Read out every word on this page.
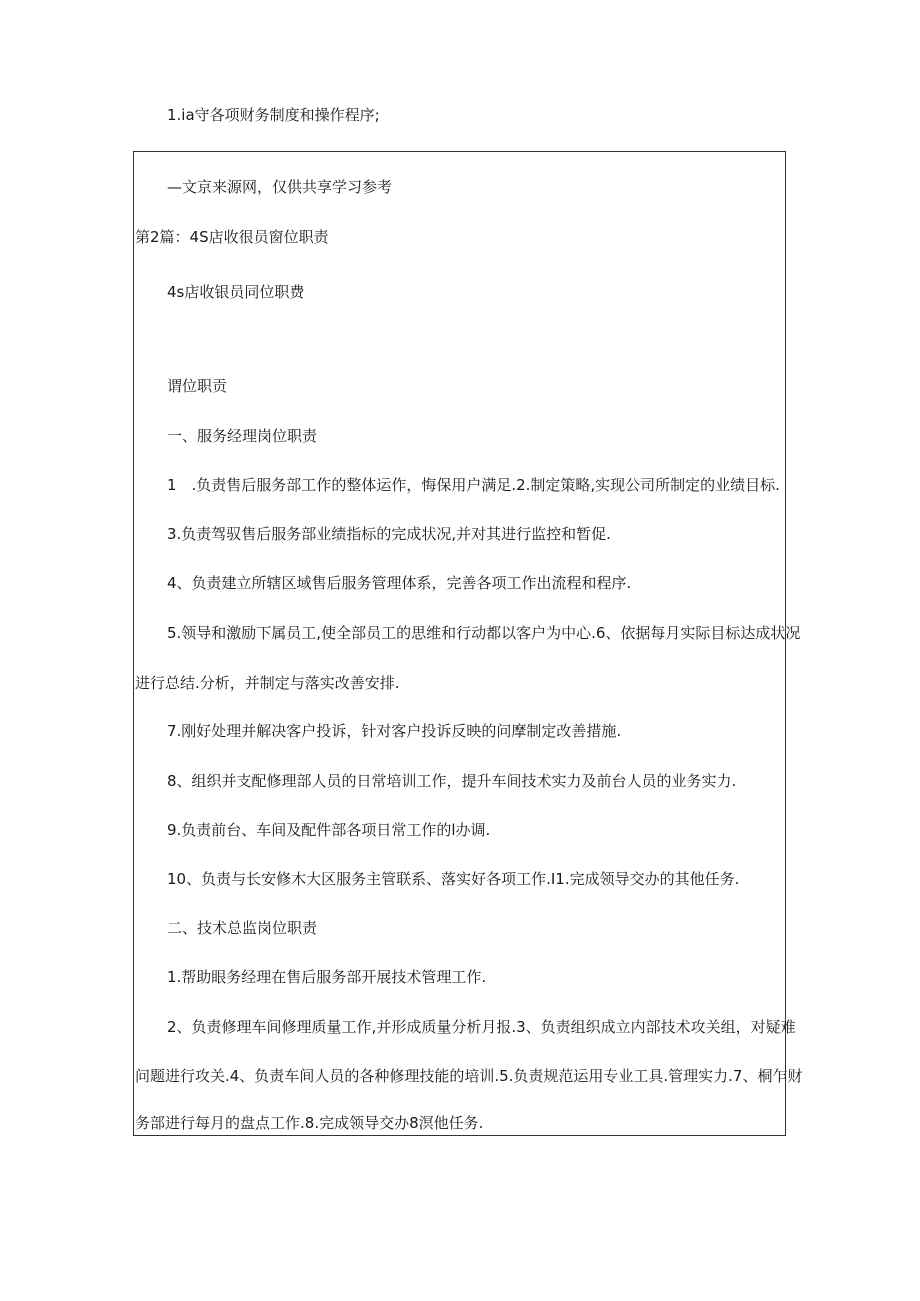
1.ia守各项财务制度和操作程序;
—文京来源网，仅供共享学习参考
第2篇：4S店收很员窗位职责
4s店收银员同位职费
谓位职贡
一、服务经理岗位职责
1　.负责售后服务部工作的整体运作，悔保用户满足.2.制定策略,实现公司所制定的业绩目标.
3.负责驾驭售后服务部业绩指标的完成状况,并对其进行监控和暂促.
4、负责建立所辖区域售后服务管理体系，完善各项工作出流程和程序.
5.领导和激励下属员工,使全部员工的思维和行动都以客户为中心.6、依据每月实际目标达成状况
进行总结.分析，并制定与落实改善安排.
7.刚好处理并解决客户投诉，针对客户投诉反映的问摩制定改善措施.
8、组织并支配修理部人员的日常培训工作，提升车间技术实力及前台人员的业务实力.
9.负责前台、车间及配件部各项日常工作的l办调.
10、负责与长安修木大区服务主管联系、落实好各项工作.I1.完成领导交办的其他任务.
二、技术总监岗位职责
1.帮助眼务经理在售后服务部开展技术管理工作.
2、负责修理车间修理质量工作,并形成质量分析月报.3、负责组织成立内部技术攻关组，对疑难
问题进行攻关.4、负责车间人员的各种修理技能的培训.5.负责规范运用专业工具.管理实力.7、桐乍财
务部进行每月的盘点工作.8.完成领导交办8溟他任务.
